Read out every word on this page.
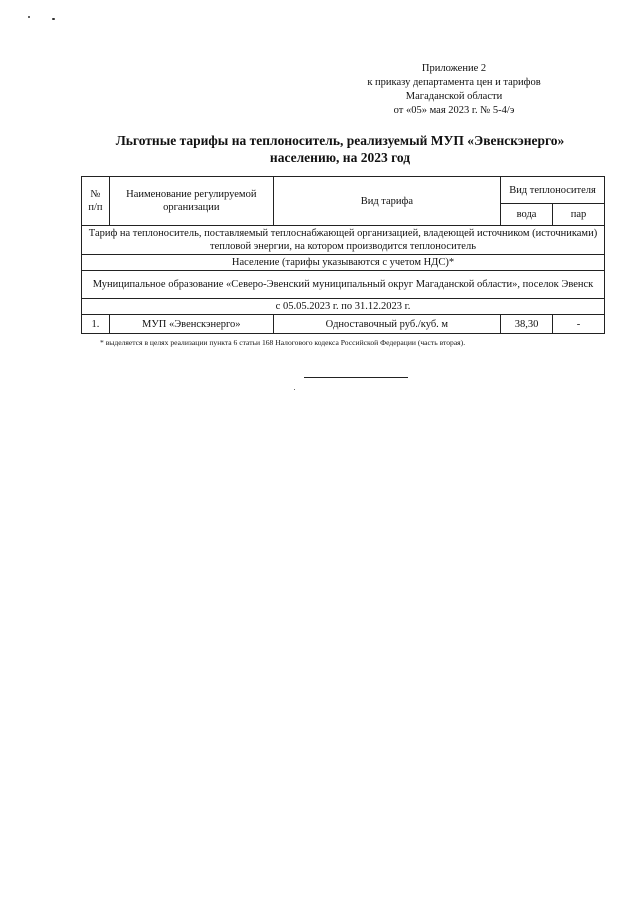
Приложение 2
к приказу департамента цен и тарифов
Магаданской области
от «05» мая 2023 г. № 5-4/э
Льготные тарифы на теплоноситель, реализуемый МУП «Эвенскэнерго»
населению, на 2023 год
№ п/п	Наименование регулируемой организации	Вид тарифа	Вид теплоносителя	
			вода	пар
Тариф на теплоноситель, поставляемый теплоснабжающей организацией, владеющей источником (источниками) тепловой энергии, на котором производится теплоноситель				
Население (тарифы указываются с учетом НДС)*				
Муниципальное образование «Северо-Эвенский муниципальный округ Магаданской области», поселок Эвенск				
с 05.05.2023 г. по 31.12.2023 г.				
1.	МУП «Эвенскэнерго»	Одноставочный руб./куб. м	38,30	-
* выделяется в целях реализации пункта 6 статьи 168 Налогового кодекса Российской Федерации (часть вторая).
